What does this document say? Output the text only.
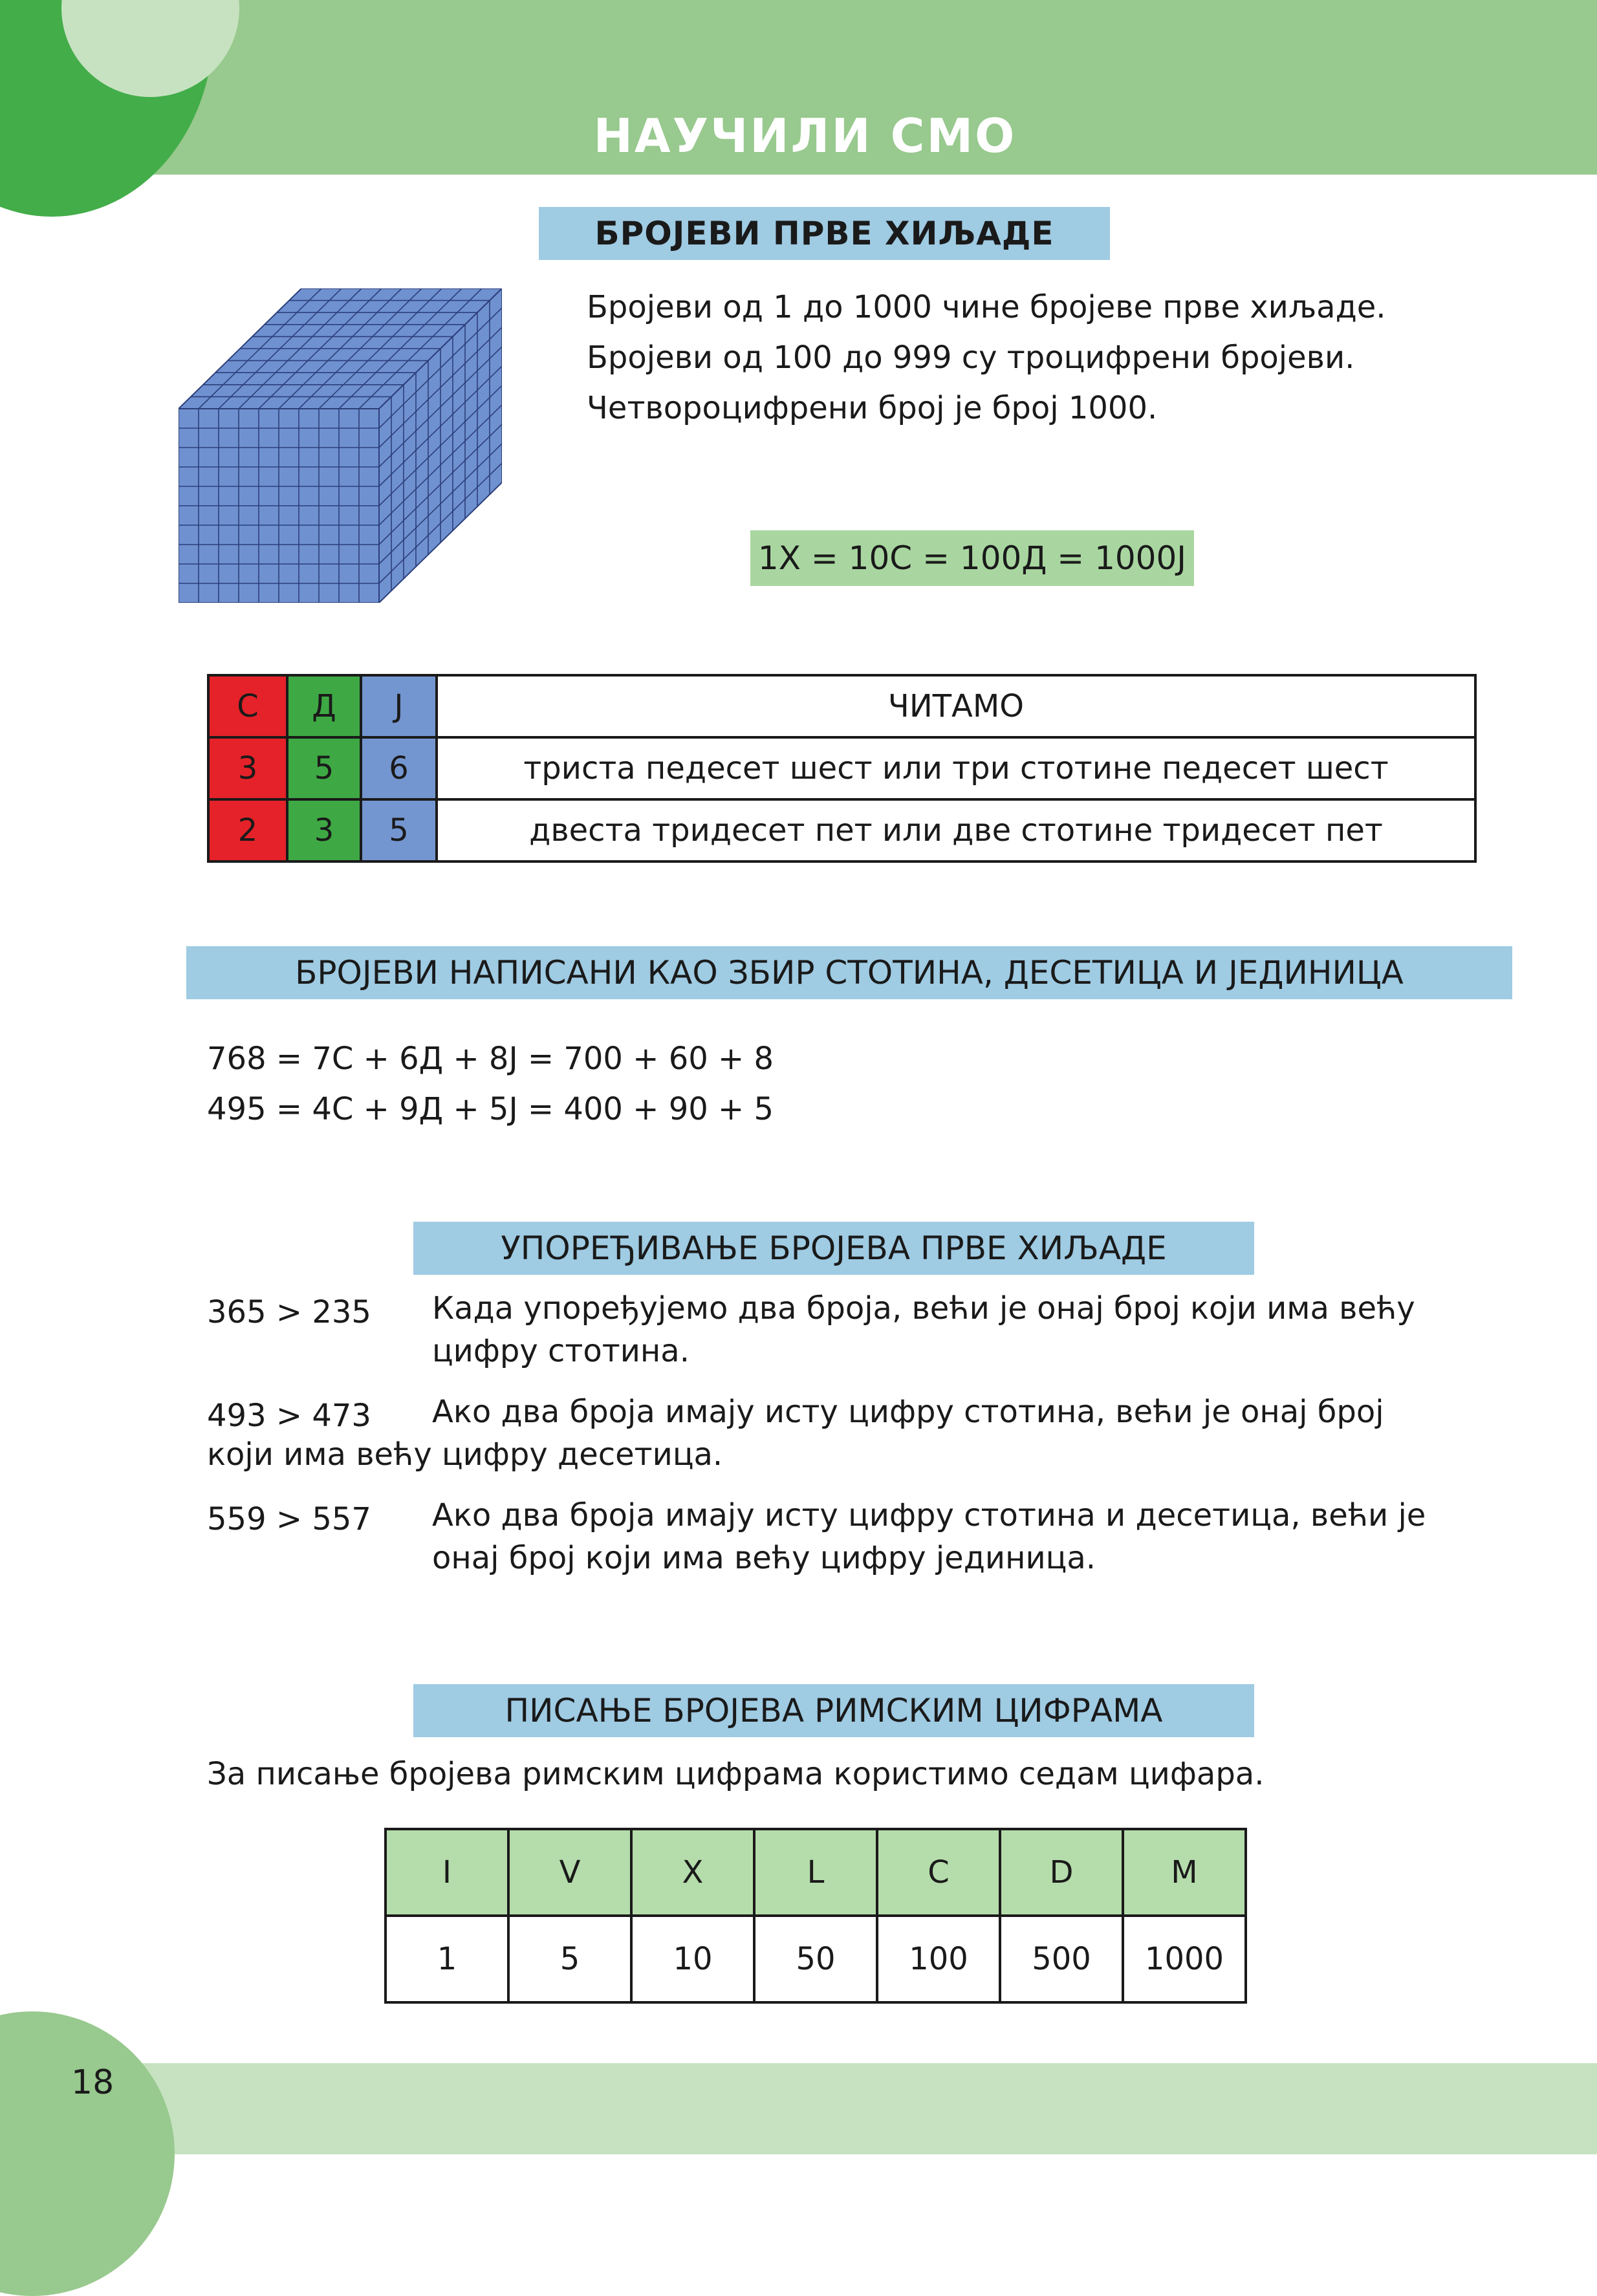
НАУЧИЛИ СМО
БРОЈЕВИ ПРВЕ ХИЉАДЕ
Бројеви од 1 до 1000 чине бројеве прве хиљаде.
Бројеви од 100 до 999 су троцифрени бројеви.
Четвороцифрени број је број 1000.
1Х = 10С = 100Д = 1000Ј
С	Д	Ј	ЧИТАМО
3	5	6	триста педесет шест или три стотине педесет шест
2	3	5	двеста тридесет пет или две стотине тридесет пет
БРОЈЕВИ НАПИСАНИ КАО ЗБИР СТОТИНА, ДЕСЕТИЦА И ЈЕДИНИЦА
768 = 7С + 6Д + 8Ј = 700 + 60 + 8
495 = 4С + 9Д + 5Ј = 400 + 90 + 5
УПОРЕЂИВАЊЕ БРОЈЕВА ПРВЕ ХИЉАДЕ
365 > 235 Када упоређујемо два броја, већи је онај број који има већу
цифру стотина.
493 > 473 Ако два броја имају исту цифру стотина, већи је онај број
који има већу цифру десетица.
559 > 557 Ако два броја имају исту цифру стотина и десетица, већи је
онај број који има већу цифру јединица.
ПИСАЊЕ БРОЈЕВА РИМСКИМ ЦИФРАМА
За писање бројева римским цифрама користимо седам цифара.
I	V	X	L	C	D	M
1	5	10	50	100	500	1000
18
